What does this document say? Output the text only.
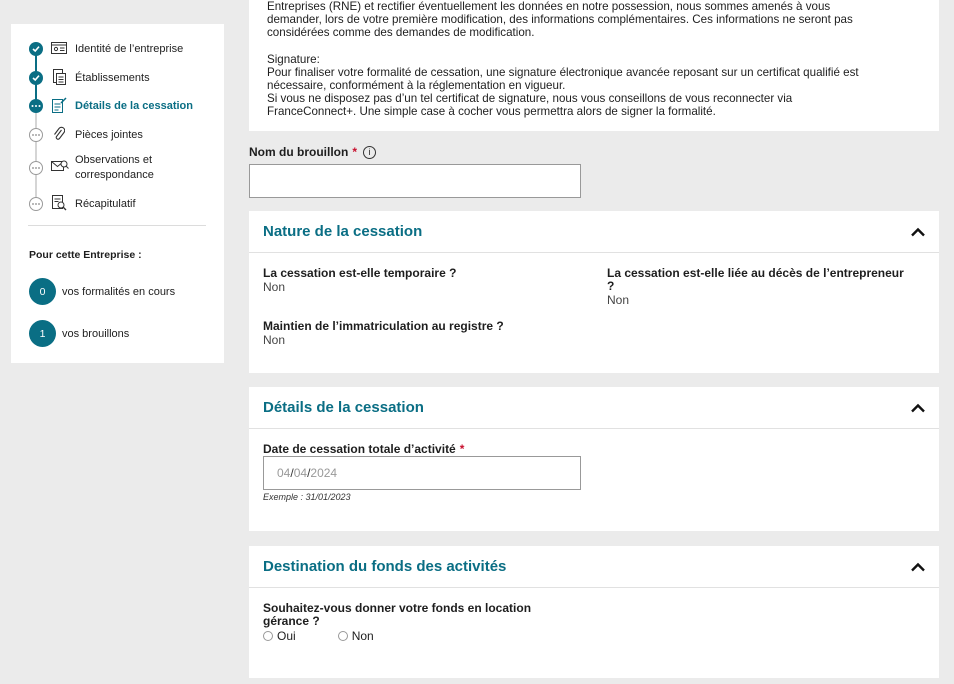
Identité de l’entreprise
Établissements
Détails de la cessation
Pièces jointes
Observations et correspondance
Récapitulatif
Pour cette Entreprise :
0	vos formalités en cours
1	vos brouillons

Entreprises (RNE) et rectifier éventuellement les données en notre possession, nous sommes amenés à vous

demander, lors de votre première modification, des informations complémentaires. Ces informations ne seront pas

considérées comme des demandes de modification.

Signature:

Pour finaliser votre formalité de cessation, une signature électronique avancée reposant sur un certificat qualifié est

nécessaire, conformément à la réglementation en vigueur.

Si vous ne disposez pas d’un tel certificat de signature, nous vous conseillons de vous reconnecter via

FranceConnect+. Une simple case à cocher vous permettra alors de signer la formalité.

Nom du brouillon *	i
Nature de la cessation
La cessation est-elle temporaire ?
Non
La cessation est-elle liée au décès de l’entrepreneur
?
Non
Maintien de l’immatriculation au registre ?
Non
Détails de la cessation
Date de cessation totale d’activité *
04/04/2024
Exemple : 31/01/2023
Destination du fonds des activités
Souhaitez-vous donner votre fonds en location
gérance ?
Oui	Non
